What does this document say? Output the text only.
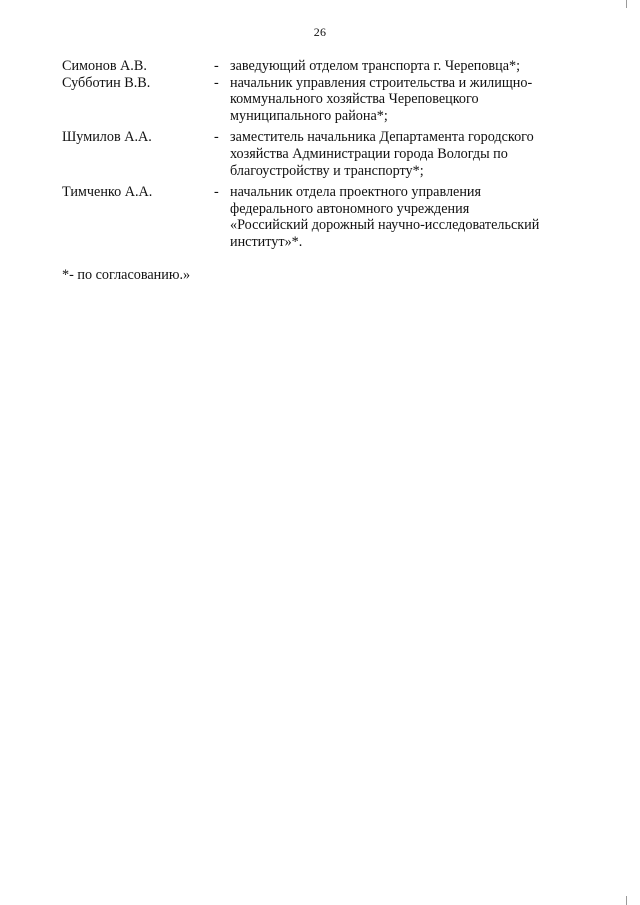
26
Симонов А.В.	- заведующий отделом транспорта г. Череповца*;
Субботин В.В.	- начальник управления строительства и жилищно-
коммунального хозяйства Череповецкого
муниципального района*;
Шумилов А.А.	- заместитель начальника Департамента городского
хозяйства Администрации города Вологды по
благоустройству и транспорту*;
Тимченко А.А.	- начальник отдела проектного управления
федерального автономного учреждения
«Российский дорожный научно-исследовательский
институт»*.
*- по согласованию.»
